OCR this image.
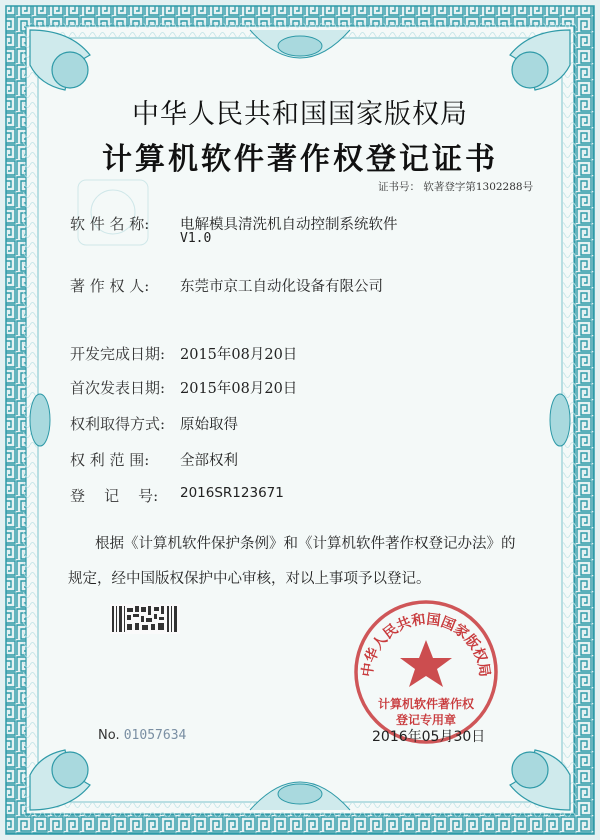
中华人民共和国国家版权局
计算机软件著作权登记证书
证书号： 软著登字第1302288号
软 件 名 称: 电解模具清洗机自动控制系统软件
V1.0
著 作 权 人: 东莞市京工自动化设备有限公司
开发完成日期: 2015年08月20日
首次发表日期: 2015年08月20日
权利取得方式: 原始取得
权 利 范 围: 全部权利
登    记    号: 2016SR123671
根据《计算机软件保护条例》和《计算机软件著作权登记办法》的
规定，经中国版权保护中心审核，对以上事项予以登记。
中华人民共和国国家版权局
计算机软件著作权
登记专用章
No. 01057634	2016年05月30日
